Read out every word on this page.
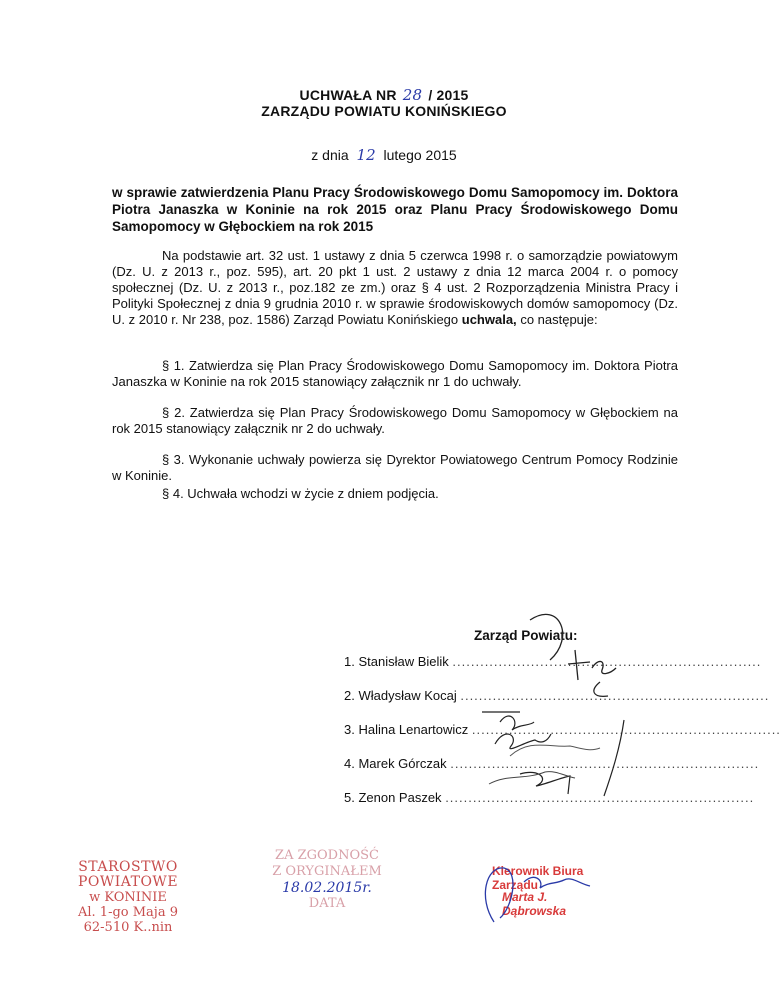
UCHWAŁA NR 28 / 2015
ZARZĄDU POWIATU KONIŃSKIEGO
z dnia 12 lutego 2015
w sprawie zatwierdzenia Planu Pracy Środowiskowego Domu Samopomocy im. Doktora Piotra Janaszka w Koninie na rok 2015 oraz Planu Pracy Środowiskowego Domu Samopomocy w Głębockiem na rok 2015
Na podstawie art. 32 ust. 1 ustawy z dnia 5 czerwca 1998 r. o samorządzie powiatowym (Dz. U. z 2013 r., poz. 595), art. 20 pkt 1 ust. 2 ustawy z dnia 12 marca 2004 r. o pomocy społecznej (Dz. U. z 2013 r., poz.182 ze zm.) oraz § 4 ust. 2 Rozporządzenia Ministra Pracy i Polityki Społecznej z dnia 9 grudnia 2010 r. w sprawie środowiskowych domów samopomocy (Dz. U. z 2010 r. Nr 238, poz. 1586) Zarząd Powiatu Konińskiego uchwala, co następuje:
§ 1. Zatwierdza się Plan Pracy Środowiskowego Domu Samopomocy im. Doktora Piotra Janaszka w Koninie na rok 2015 stanowiący załącznik nr 1 do uchwały.
§ 2. Zatwierdza się Plan Pracy Środowiskowego Domu Samopomocy w Głębockiem na rok 2015 stanowiący załącznik nr 2 do uchwały.
§ 3. Wykonanie uchwały powierza się Dyrektor Powiatowego Centrum Pomocy Rodzinie w Koninie.
§ 4. Uchwała wchodzi w życie z dniem podjęcia.
Zarząd Powiatu:
1. Stanisław Bielik ...................................................................
2. Władysław Kocaj ...................................................................
3. Halina Lenartowicz ...................................................................
4. Marek Górczak ...................................................................
5. Zenon Paszek ...................................................................
STAROSTWO POWIATOWE
w KONINIE
Al. 1-go Maja 9
62-510 K..nin
ZA ZGODNOŚĆ
Z ORYGINAŁEM
18.02.2015r.
DATA
Kierownik Biura Zarządu
Marta J. Dąbrowska
